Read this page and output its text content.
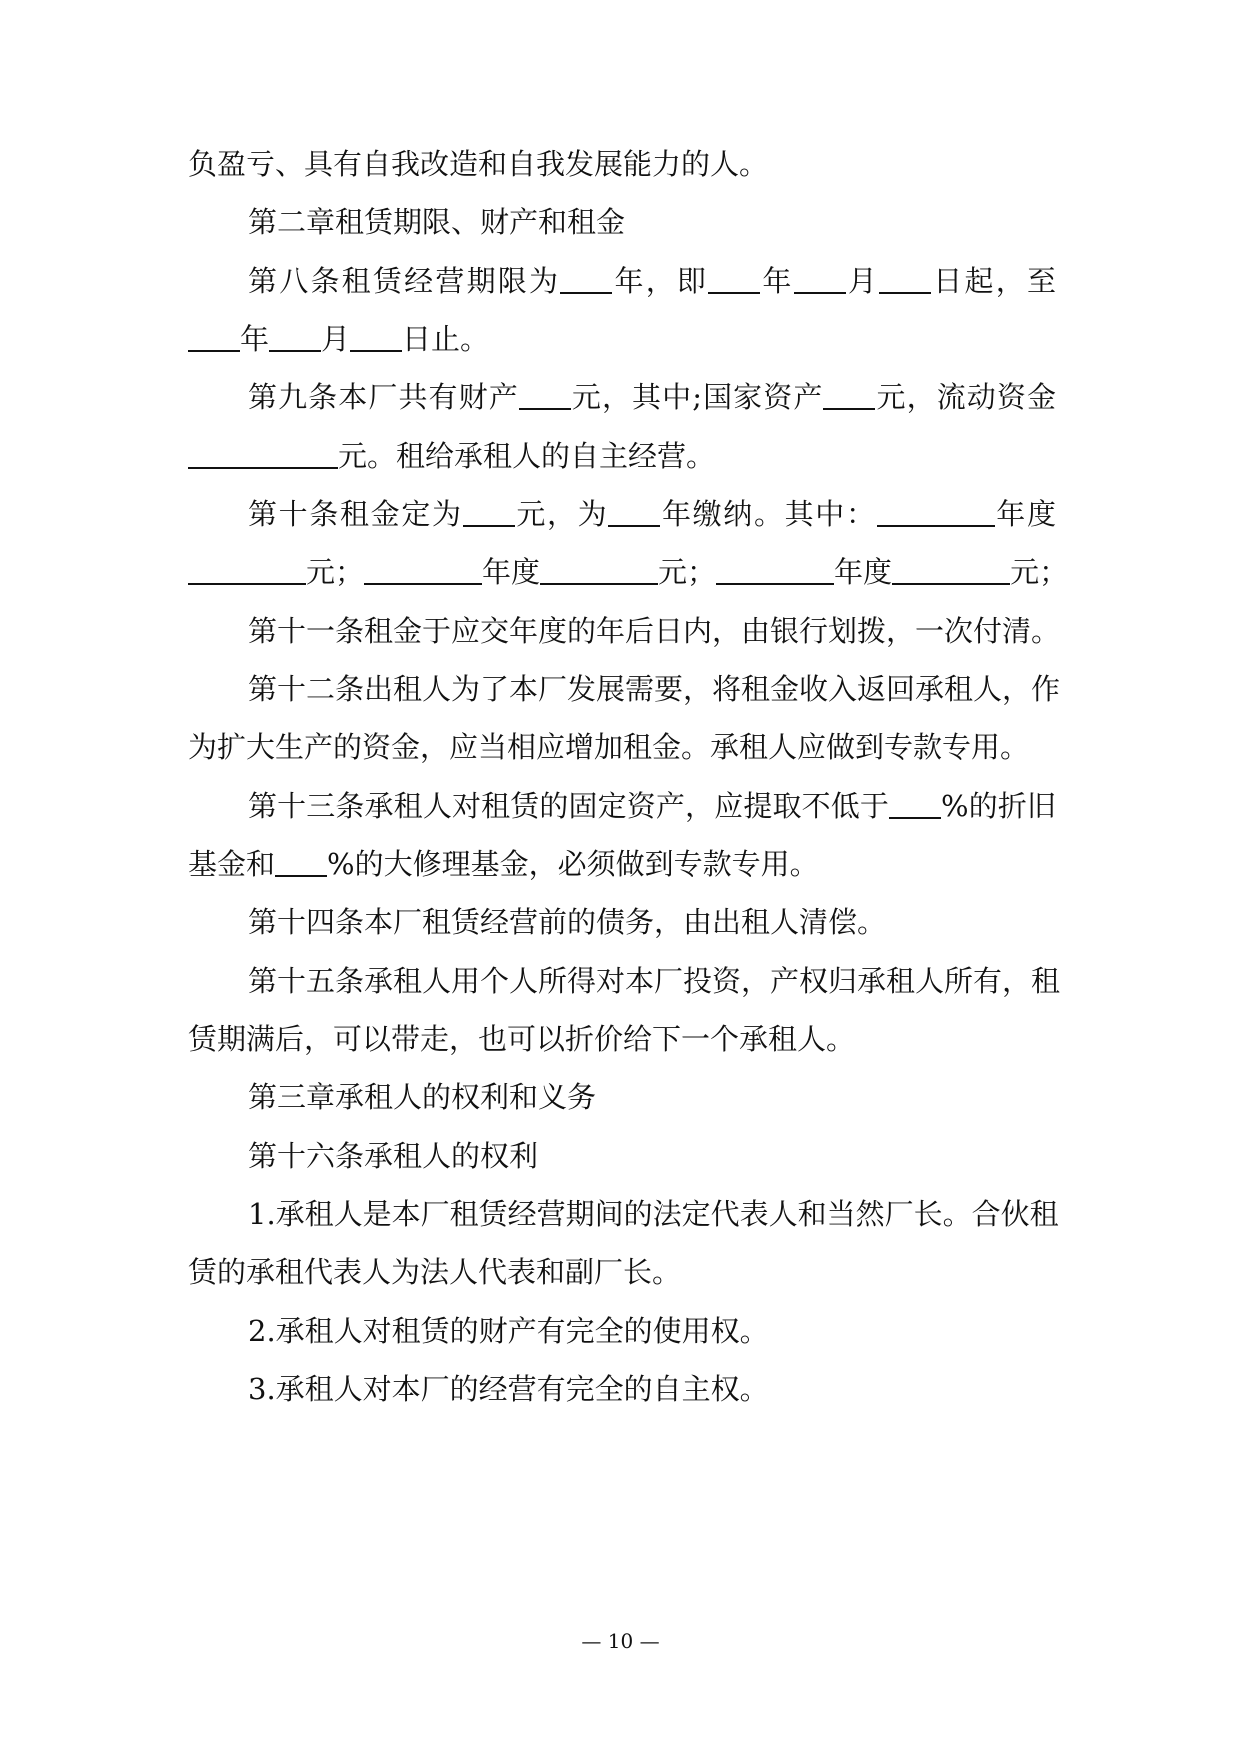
负盈亏、具有自我改造和自我发展能力的人。
第二章租赁期限、财产和租金
第八条租赁经营期限为 年，即 年 月 日起，至
年 月 日止。
第九条本厂共有财产 元，其中;国家资产 元，流动资金
元。租给承租人的自主经营。
第十条租金定为 元，为 年缴纳。其中：	年度
元；	年度	元；	年度	元；
第十一条租金于应交年度的年后日内，由银行划拨，一次付清。
第十二条出租人为了本厂发展需要，将租金收入返回承租人，作
为扩大生产的资金，应当相应增加租金。承租人应做到专款专用。
第十三条承租人对租赁的固定资产，应提取不低于 %的折旧
基金和 %的大修理基金，必须做到专款专用。
第十四条本厂租赁经营前的债务，由出租人清偿。
第十五条承租人用个人所得对本厂投资，产权归承租人所有，租
赁期满后，可以带走，也可以折价给下一个承租人。
第三章承租人的权利和义务
第十六条承租人的权利
1.承租人是本厂租赁经营期间的法定代表人和当然厂长。合伙租
赁的承租代表人为法人代表和副厂长。
2.承租人对租赁的财产有完全的使用权。
3.承租人对本厂的经营有完全的自主权。
— 10 —
